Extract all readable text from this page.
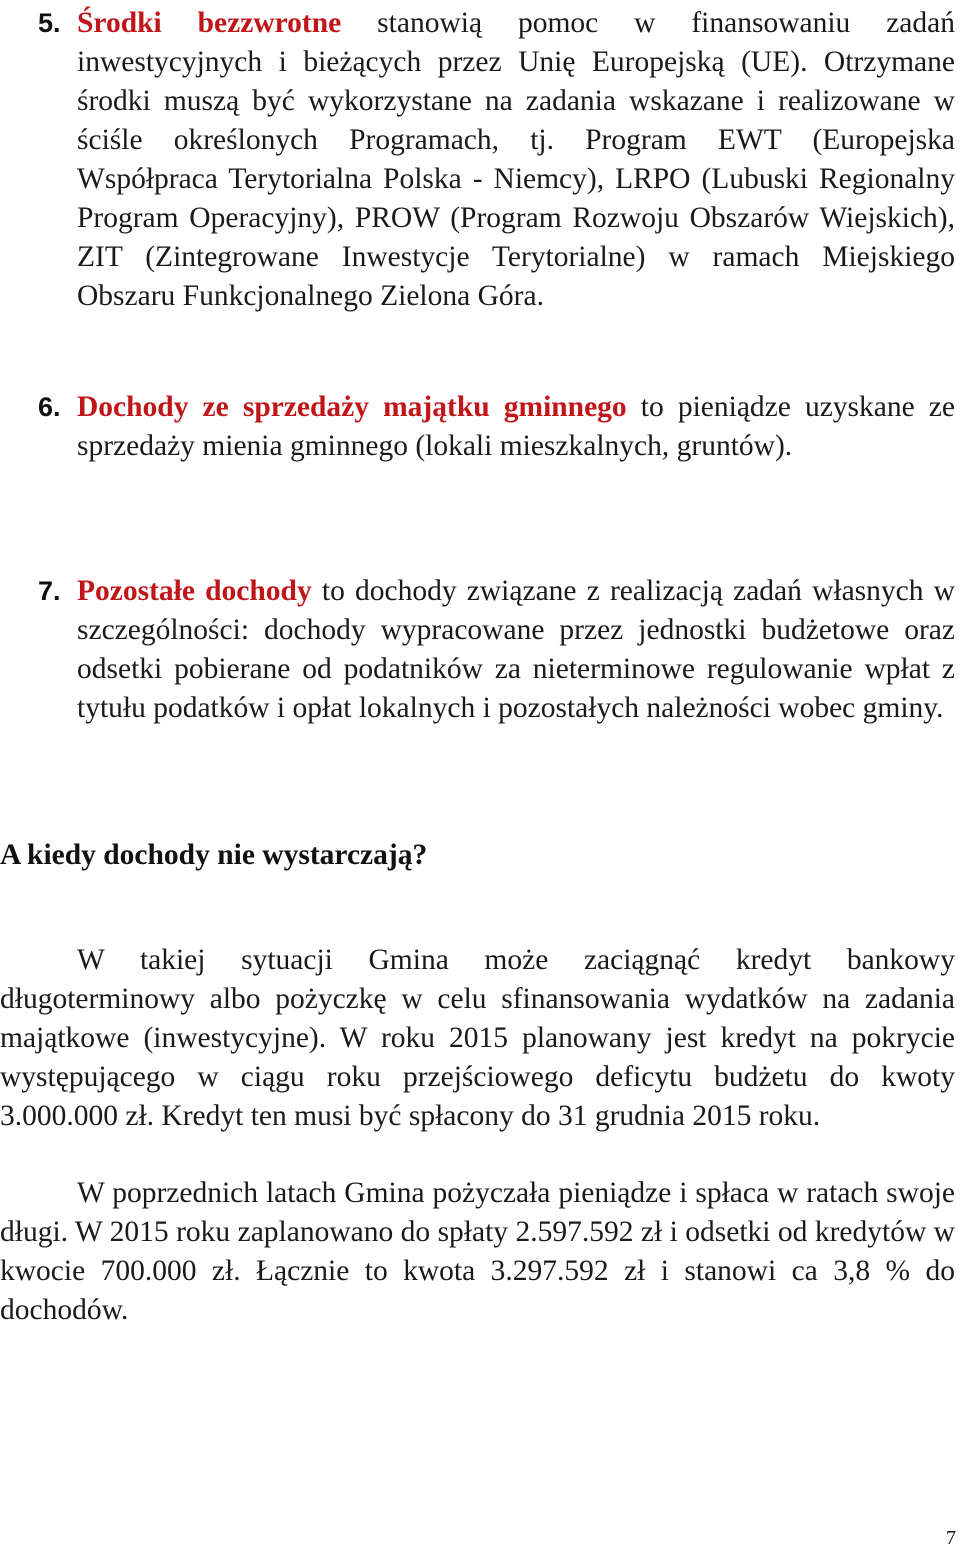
5. Środki bezzwrotne stanowią pomoc w finansowaniu zadań inwestycyjnych i bieżących przez Unię Europejską (UE). Otrzymane środki muszą być wykorzystane na zadania wskazane i realizowane w ściśle określonych Programach, tj. Program EWT (Europejska Współpraca Terytorialna Polska - Niemcy), LRPO (Lubuski Regionalny Program Operacyjny), PROW (Program Rozwoju Obszarów Wiejskich), ZIT (Zintegrowane Inwestycje Terytorialne) w ramach Miejskiego Obszaru Funkcjonalnego Zielona Góra.
6. Dochody ze sprzedaży majątku gminnego to pieniądze uzyskane ze sprzedaży mienia gminnego (lokali mieszkalnych, gruntów).
7. Pozostałe dochody to dochody związane z realizacją zadań własnych w szczególności: dochody wypracowane przez jednostki budżetowe oraz odsetki pobierane od podatników za nieterminowe regulowanie wpłat z tytułu podatków i opłat lokalnych i pozostałych należności wobec gminy.
A kiedy dochody nie wystarczają?
W takiej sytuacji Gmina może zaciągnąć kredyt bankowy długoterminowy albo pożyczkę w celu sfinansowania wydatków na zadania majątkowe (inwestycyjne). W roku 2015 planowany jest kredyt na pokrycie występującego w ciągu roku przejściowego deficytu budżetu do kwoty 3.000.000 zł. Kredyt ten musi być spłacony do 31 grudnia 2015 roku.
W poprzednich latach Gmina pożyczała pieniądze i spłaca w ratach swoje długi. W 2015 roku zaplanowano do spłaty 2.597.592 zł i odsetki od kredytów w kwocie 700.000 zł. Łącznie to kwota 3.297.592 zł i stanowi ca 3,8 % do dochodów.
7
